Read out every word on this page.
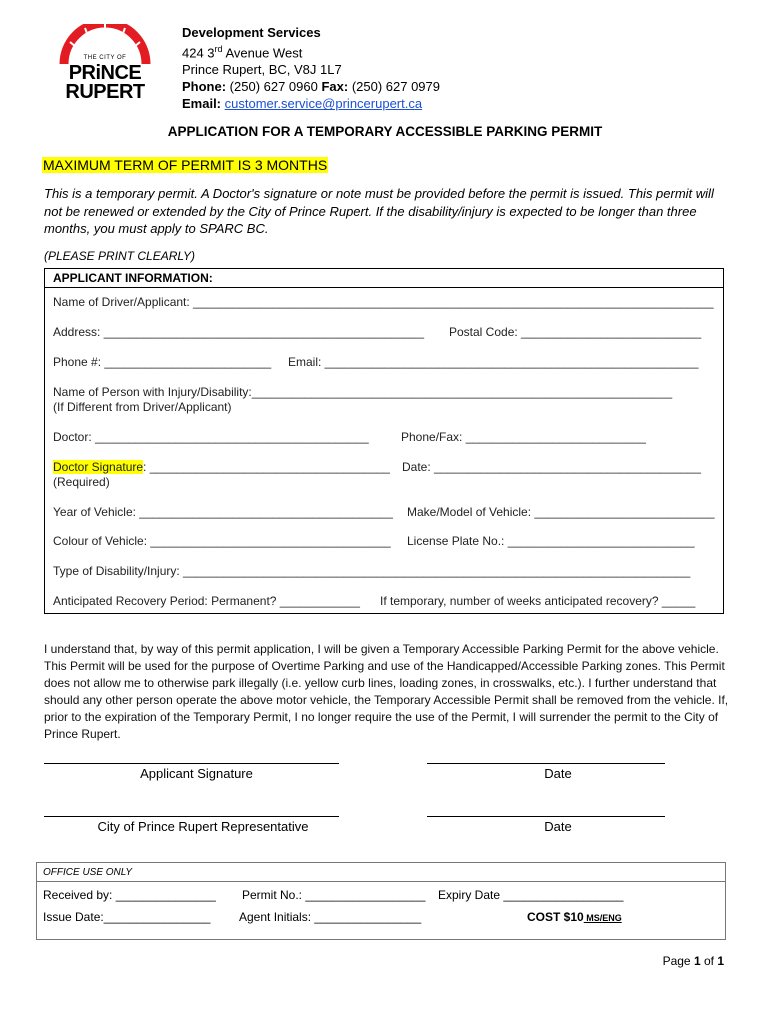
THE CITY OF
PRiNCE
RUPERT
Development Services
424 3rd Avenue West
Prince Rupert, BC, V8J 1L7
Phone: (250) 627 0960 Fax: (250) 627 0979
Email: customer.service@princerupert.ca
APPLICATION FOR A TEMPORARY ACCESSIBLE PARKING PERMIT
MAXIMUM TERM OF PERMIT IS 3 MONTHS
This is a temporary permit. A Doctor's signature or note must be provided before the permit is issued. This permit will not be renewed or extended by the City of Prince Rupert. If the disability/injury is expected to be longer than three months, you must apply to SPARC BC.
(PLEASE PRINT CLEARLY)
APPLICANT INFORMATION:
Name of Driver/Applicant: ______________________________________________________________________________
Address: ________________________________________________ Postal Code: ___________________________
Phone #: _________________________ Email: ________________________________________________________
Name of Person with Injury/Disability:_______________________________________________________________
(If Different from Driver/Applicant)
Doctor: _________________________________________	Phone/Fax: ___________________________
Doctor Signature: ____________________________________ Date: ________________________________________
(Required)
Year of Vehicle: ______________________________________ Make/Model of Vehicle: ___________________________
Colour of Vehicle: ____________________________________ License Plate No.: ____________________________
Type of Disability/Injury: ____________________________________________________________________________
Anticipated Recovery Period: Permanent? ____________ If temporary, number of weeks anticipated recovery? _____
I understand that, by way of this permit application, I will be given a Temporary Accessible Parking Permit for the above vehicle. This Permit will be used for the purpose of Overtime Parking and use of the Handicapped/Accessible Parking zones. This Permit does not allow me to otherwise park illegally (i.e. yellow curb lines, loading zones, in crosswalks, etc.). I further understand that should any other person operate the above motor vehicle, the Temporary Accessible Permit shall be removed from the vehicle. If, prior to the expiration of the Temporary Permit, I no longer require the use of the Permit, I will surrender the permit to the City of Prince Rupert.
Applicant Signature	Date
City of Prince Rupert Representative	Date
OFFICE USE ONLY
Received by: _______________ Permit No.: __________________ Expiry Date __________________
Issue Date:________________ Agent Initials: ________________	COST $10 MS/ENG
Page 1 of 1
